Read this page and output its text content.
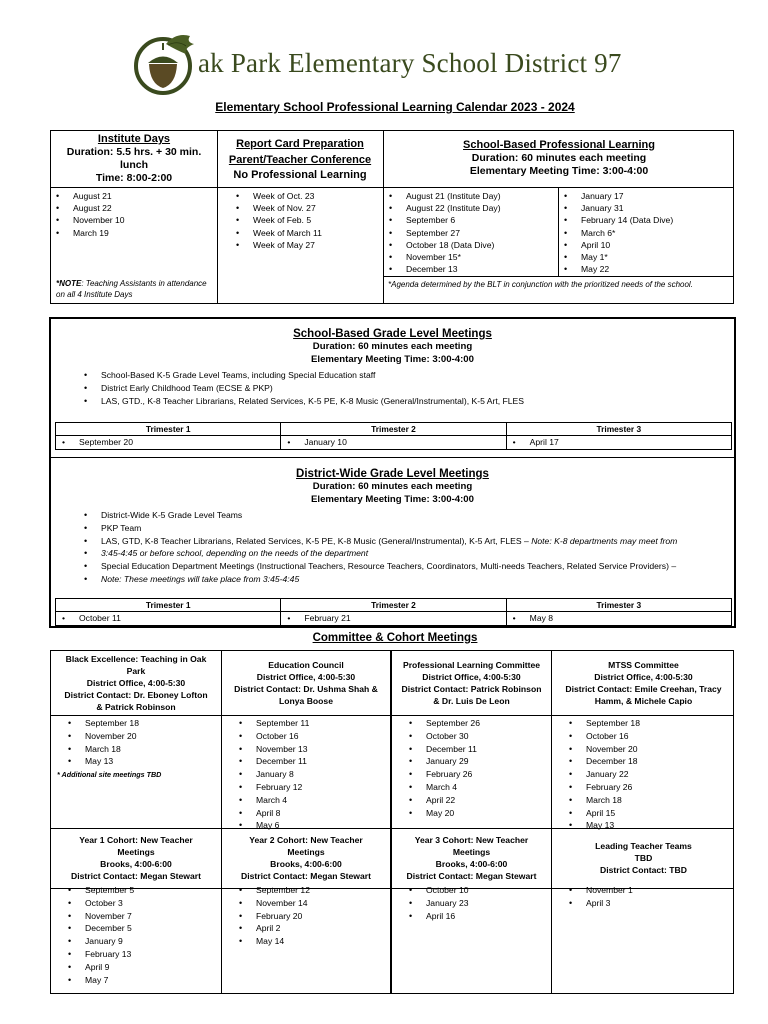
ak Park Elementary School District 97
Elementary School Professional Learning Calendar 2023 - 2024
Institute Days
Duration: 5.5 hrs. + 30 min.
lunch
Time: 8:00-2:00
Report Card Preparation
Parent/Teacher Conference
No Professional Learning
School-Based Professional Learning
Duration: 60 minutes each meeting
Elementary Meeting Time: 3:00-4:00
• August 21
• August 22
• November 10
• March 19
• Week of Oct. 23
• Week of Nov. 27
• Week of Feb. 5
• Week of March 11
• Week of May 27
• August 21 (Institute Day)
• August 22 (Institute Day)
• September 6
• September 27
• October 18 (Data Dive)
• November 15*
• December 13
• January 17
• January 31
• February 14 (Data Dive)
• March 6*
• April 10
• May 1*
• May 22
*NOTE: Teaching Assistants in attendance on all 4 Institute Days
*Agenda determined by the BLT in conjunction with the prioritized needs of the school.
School-Based Grade Level Meetings
Duration: 60 minutes each meeting
Elementary Meeting Time: 3:00-4:00
• School-Based K-5 Grade Level Teams, including Special Education staff
• District Early Childhood Team (ECSE & PKP)
• LAS, GTD., K-8 Teacher Librarians, Related Services, K-5 PE, K-8 Music (General/Instrumental), K-5 Art, FLES
Trimester 1
• September 20
Trimester 2
• January 10
Trimester 3
• April 17
District-Wide Grade Level Meetings
Duration: 60 minutes each meeting
Elementary Meeting Time: 3:00-4:00
• District-Wide K-5 Grade Level Teams
• PKP Team
• LAS, GTD, K-8 Teacher Librarians, Related Services, K-5 PE, K-8 Music (General/Instrumental), K-5 Art, FLES – Note: K-8 departments may meet from
• 3:45-4:45 or before school, depending on the needs of the department
• Special Education Department Meetings (Instructional Teachers, Resource Teachers, Coordinators, Multi-needs Teachers, Related Service Providers) –
• Note: These meetings will take place from 3:45-4:45
Trimester 1
• October 11
Trimester 2
• February 21
Trimester 3
• May 8
Committee & Cohort Meetings
Black Excellence: Teaching in Oak
Park
District Office, 4:00-5:30
District Contact: Dr. Eboney Lofton
& Patrick Robinson
• September 18
• November 20
• March 18
• May 13
* Additional site meetings TBD
Education Council
District Office, 4:00-5:30
District Contact: Dr. Ushma Shah &
Lonya Boose
• September 11
• October 16
• November 13
• December 11
• January 8
• February 12
• March 4
• April 8
• May 6
Professional Learning Committee
District Office, 4:00-5:30
District Contact: Patrick Robinson
& Dr. Luis De Leon
• September 26
• October 30
• December 11
• January 29
• February 26
• March 4
• April 22
• May 20
MTSS Committee
District Office, 4:00-5:30
District Contact: Emile Creehan, Tracy
Hamm, & Michele Capio
• September 18
• October 16
• November 20
• December 18
• January 22
• February 26
• March 18
• April 15
• May 13
Year 1 Cohort: New Teacher
Meetings
Brooks, 4:00-6:00
District Contact: Megan Stewart
• September 5
• October 3
• November 7
• December 5
• January 9
• February 13
• April 9
• May 7
Year 2 Cohort: New Teacher
Meetings
Brooks, 4:00-6:00
District Contact: Megan Stewart
• September 12
• November 14
• February 20
• April 2
• May 14
Year 3 Cohort: New Teacher
Meetings
Brooks, 4:00-6:00
District Contact: Megan Stewart
• October 10
• January 23
• April 16
Leading Teacher Teams
TBD
District Contact: TBD
• November 1
• April 3
